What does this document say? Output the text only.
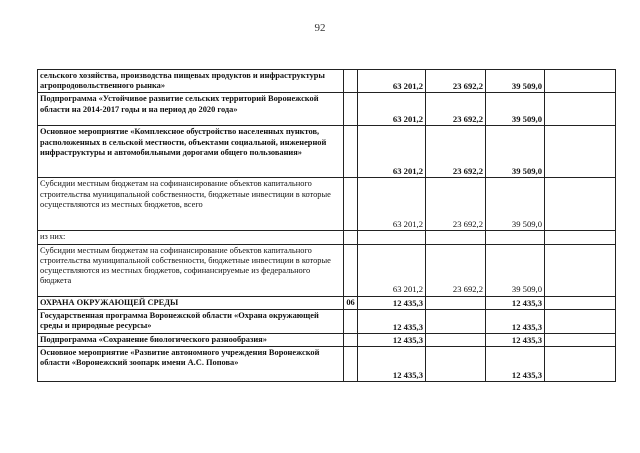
92
сельского хозяйства, производства пищевых продуктов и инфраструктуры агропродовольственного рынка»		63 201,2	23 692,2	39 509,0	
Подпрограмма «Устойчивое развитие сельских территорий Воронежской области на 2014-2017 годы и на период до 2020 года»		63 201,2	23 692,2	39 509,0	
Основное мероприятие «Комплексное обустройство населенных пунктов, расположенных в сельской местности, объектами социальной, инженерной инфраструктуры и автомобильными дорогами общего пользования»		63 201,2	23 692,2	39 509,0	
Субсидии местным бюджетам на софинансирование объектов капитального строительства муниципальной собственности, бюджетные инвестиции в которые осуществляются из местных бюджетов, всего		63 201,2	23 692,2	39 509,0	
из них:					
Субсидии местным бюджетам на софинансирование объектов капитального строительства муниципальной собственности, бюджетные инвестиции в которые осуществляются из местных бюджетов, софинансируемые из федерального бюджета		63 201,2	23 692,2	39 509,0	
ОХРАНА ОКРУЖАЮЩЕЙ СРЕДЫ	06	12 435,3		12 435,3	
Государственная программа Воронежской области «Охрана окружающей среды и природные ресурсы»		12 435,3		12 435,3	
Подпрограмма «Сохранение биологического разнообразия»		12 435,3		12 435,3	
Основное мероприятие «Развитие автономного учреждения Воронежской области «Воронежский зоопарк имени А.С. Попова»		12 435,3		12 435,3	
